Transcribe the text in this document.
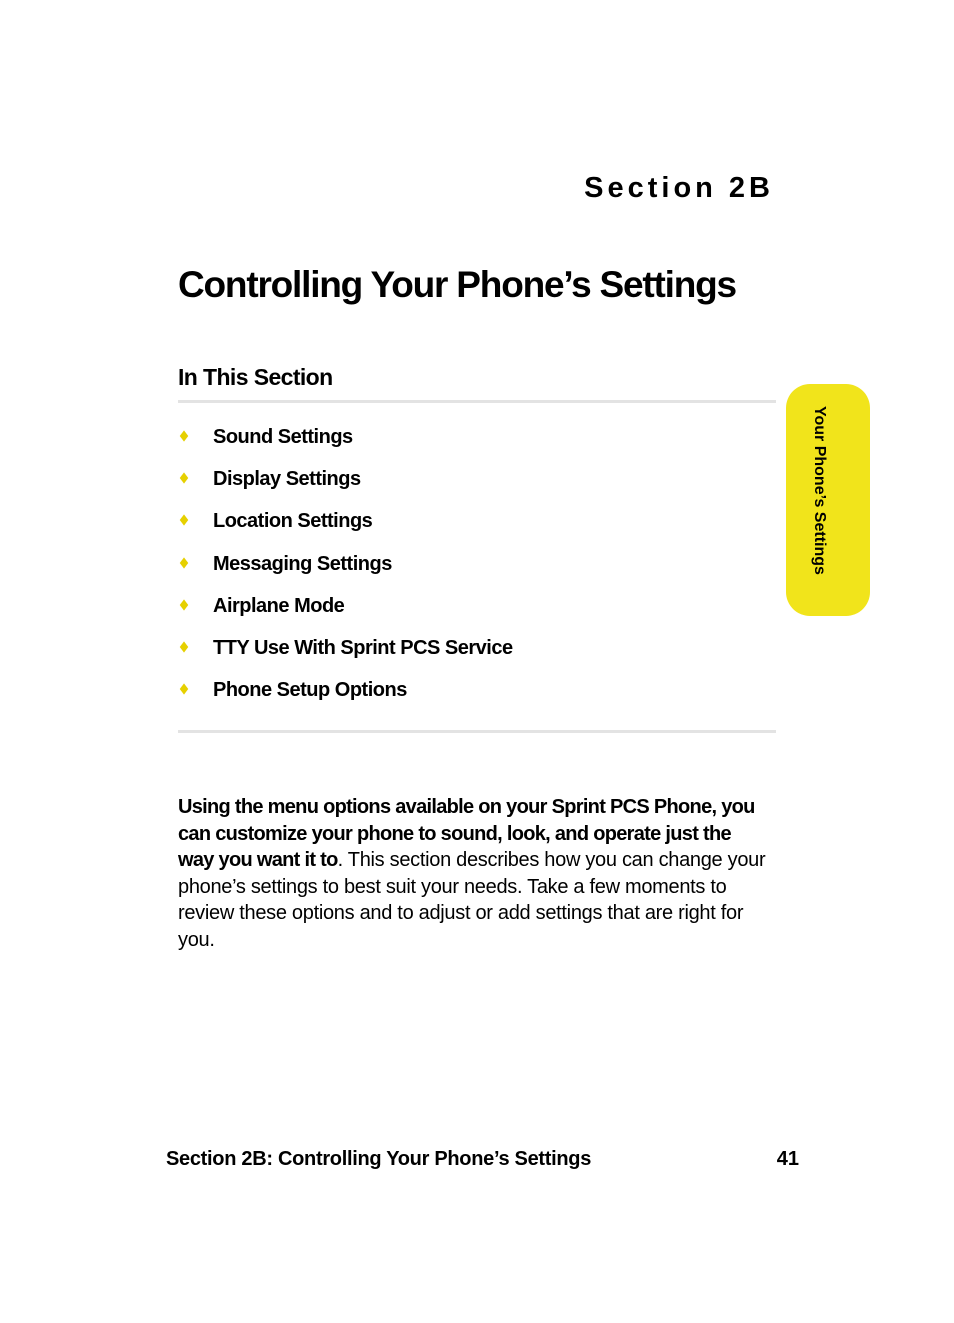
Section 2B
Controlling Your Phone’s Settings
In This Section
Sound Settings
Display Settings
Location Settings
Messaging Settings
Airplane Mode
TTY Use With Sprint PCS Service
Phone Setup Options

Using the menu options available on your Sprint PCS Phone, you can customize your phone to sound, look, and operate just the way you want it to. This section describes how you can change your phone’s settings to best suit your needs. Take a few moments to review these options and to adjust or add settings that are right for you.

Your Phone’s Settings
Section 2B: Controlling Your Phone’s Settings	41
